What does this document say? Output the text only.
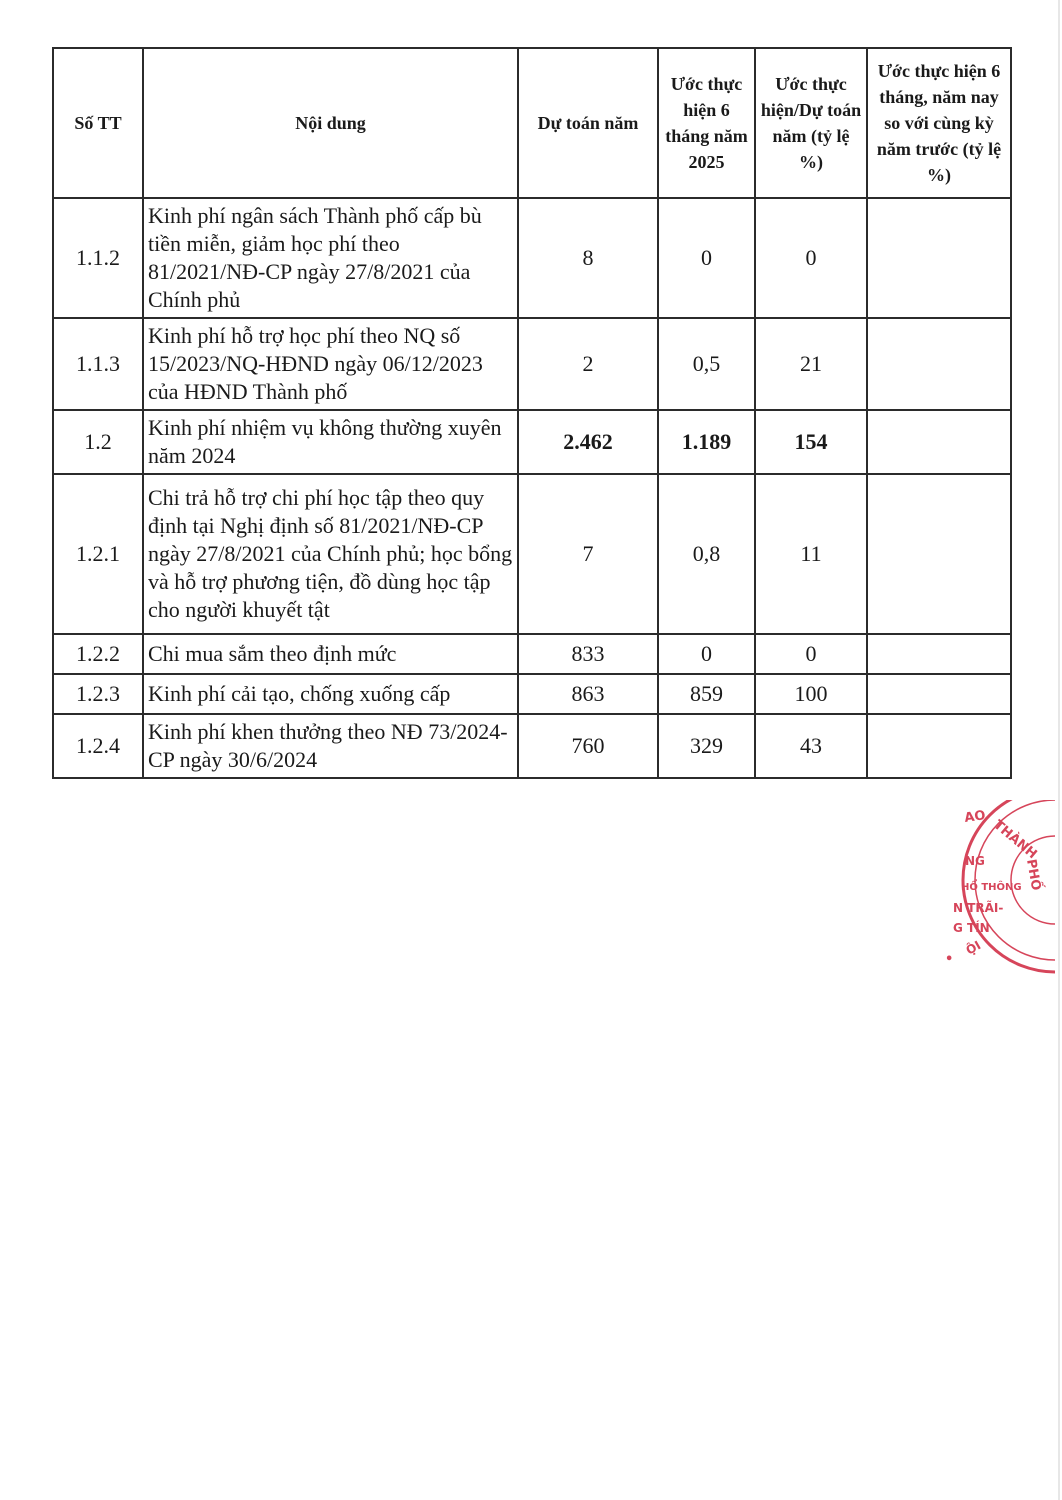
Số TT	Nội dung	Dự toán năm	Ước thực hiện 6 tháng năm 2025	Ước thực hiện/Dự toán năm (tỷ lệ %)	Ước thực hiện 6 tháng, năm nay so với cùng kỳ năm trước (tỷ lệ %)
1.1.2	Kinh phí ngân sách Thành phố cấp bù tiền miễn, giảm học phí theo 81/2021/NĐ-CP ngày 27/8/2021 của Chính phủ	8	0	0	
1.1.3	Kinh phí hỗ trợ học phí theo NQ số 15/2023/NQ-HĐND ngày 06/12/2023 của HĐND Thành phố	2	0,5	21	
1.2	Kinh phí nhiệm vụ không thường xuyên năm 2024	2.462	1.189	154	
1.2.1	Chi trả hỗ trợ chi phí học tập theo quy định tại Nghị định số 81/2021/NĐ-CP ngày 27/8/2021 của Chính phủ; học bổng và hỗ trợ phương tiện, đồ dùng học tập cho người khuyết tật	7	0,8	11	
1.2.2	Chi mua sắm theo định mức	833	0	0	
1.2.3	Kinh phí cải tạo, chống xuống cấp	863	859	100	
1.2.4	Kinh phí khen thưởng theo NĐ 73/2024-CP ngày 30/6/2024	760	329	43	
AO
THÀNH
PHỐ
NG
HỔ THÔNG
N TRÃI-
G TÍN
ỘI
•
